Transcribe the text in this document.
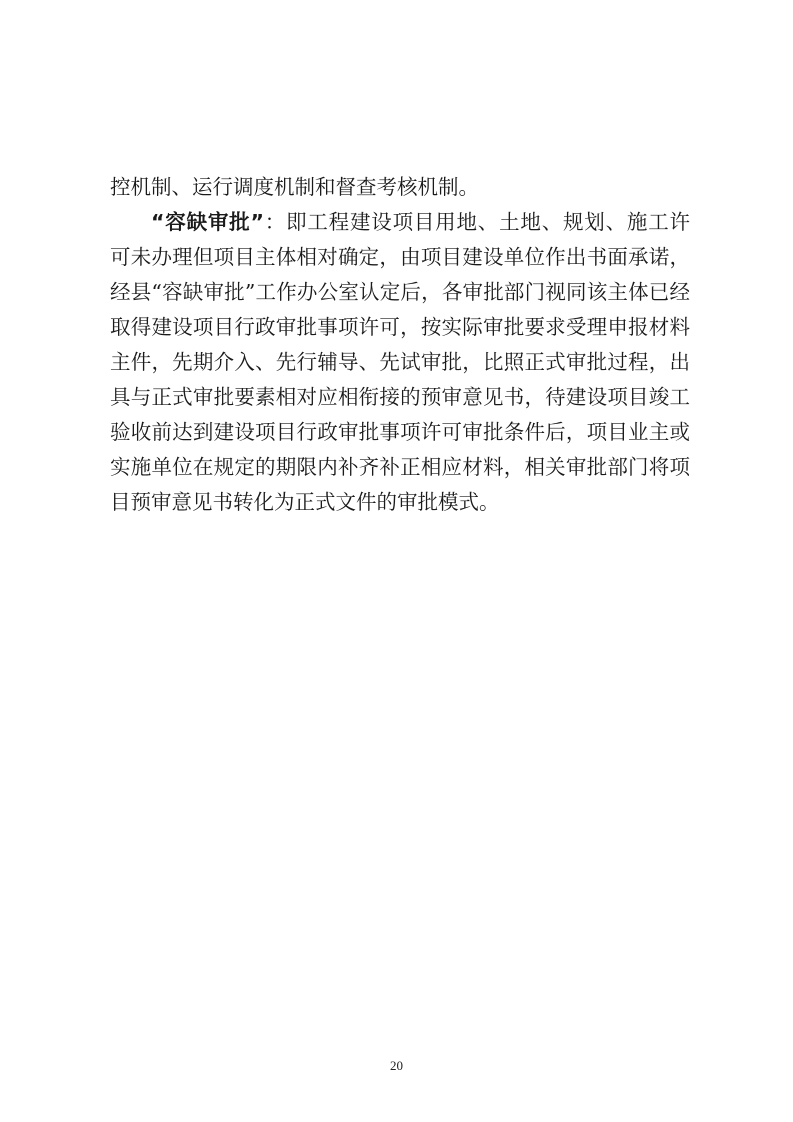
控机制、运行调度机制和督查考核机制。

“容缺审批”：即工程建设项目用地、土地、规划、施工许可未办理但项目主体相对确定，由项目建设单位作出书面承诺，经县“容缺审批”工作办公室认定后，各审批部门视同该主体已经取得建设项目行政审批事项许可，按实际审批要求受理申报材料主件，先期介入、先行辅导、先试审批，比照正式审批过程，出具与正式审批要素相对应相衔接的预审意见书，待建设项目竣工验收前达到建设项目行政审批事项许可审批条件后，项目业主或实施单位在规定的期限内补齐补正相应材料，相关审批部门将项目预审意见书转化为正式文件的审批模式。

20
